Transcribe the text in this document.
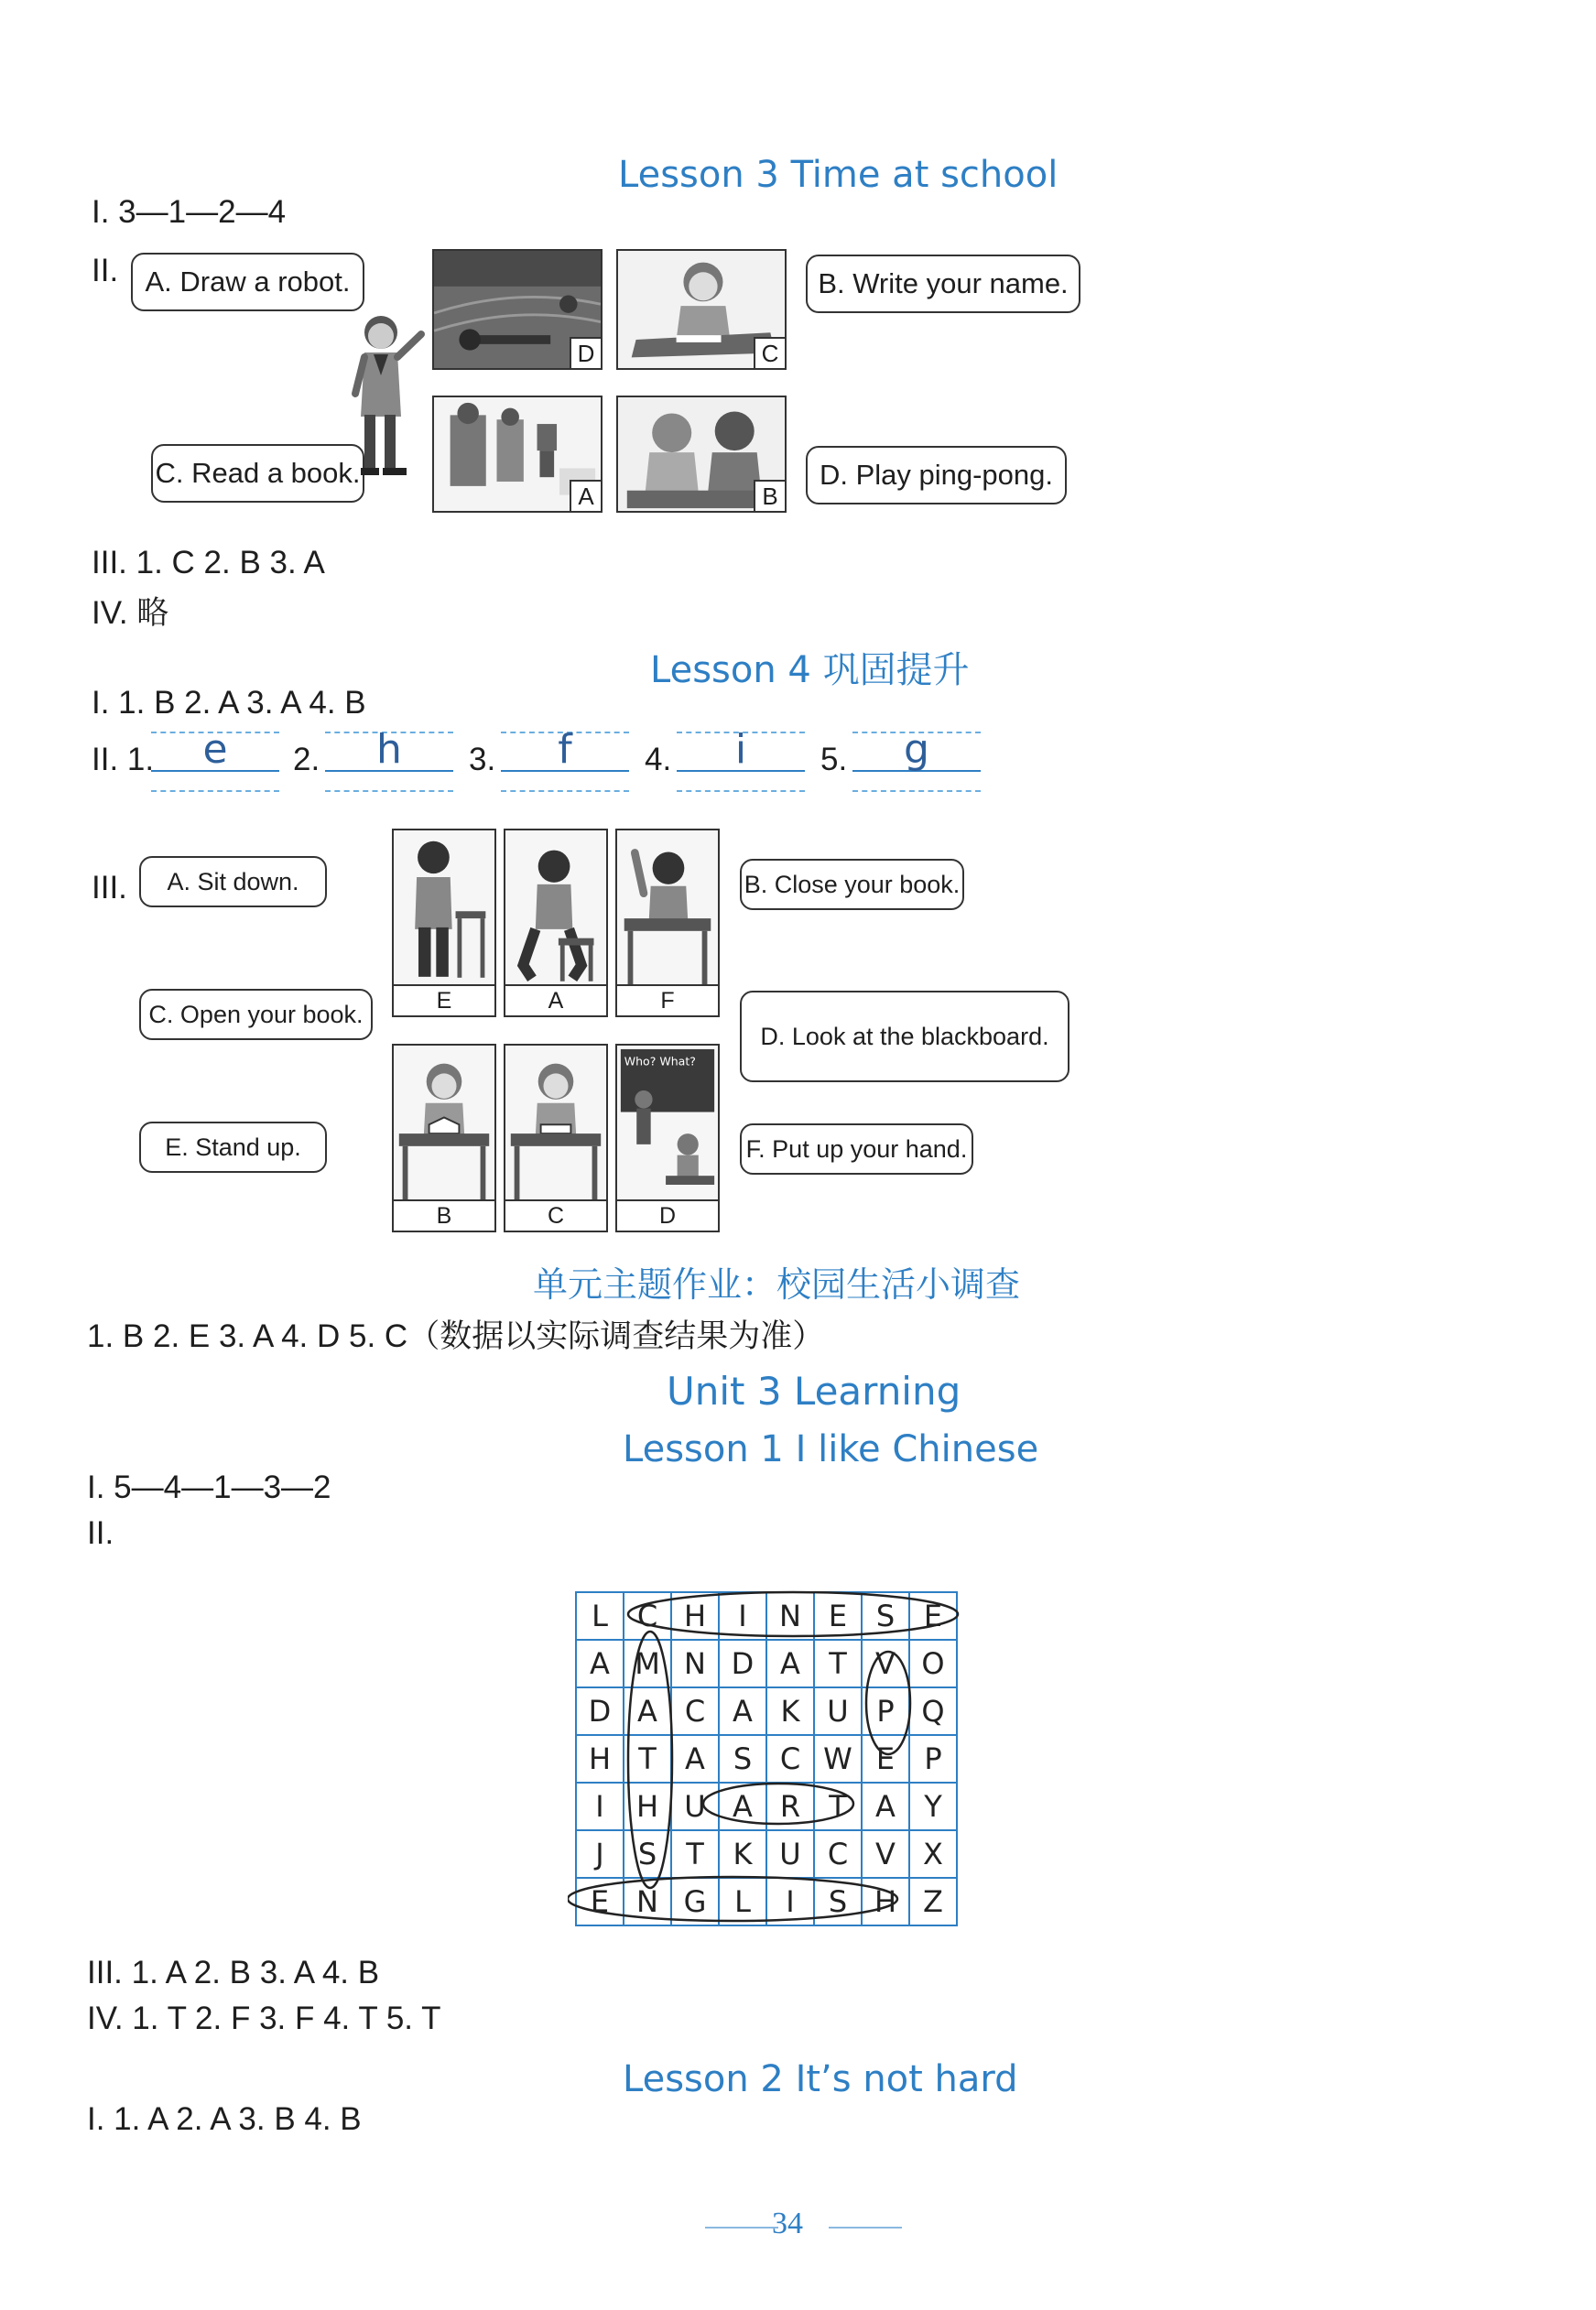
Lesson 3 Time at school
I. 3—1—2—4
II. A. Draw a robot.	B. Write your name.
C. Read a book.	D. Play ping-pong.
D	C
A	B
III. 1. C 2. B 3. A
IV. 略
Lesson 4 巩固提升
I. 1. B 2. A 3. A 4. B
II. 1.	e	2.	h	3.	f	4.	i	5.	g
III.	A. Sit down.	B. Close your book.
C. Open your book.
D. Look at the blackboard.
E. Stand up.	F. Put up your hand.
E	A	F
B	C
Who? What?
D
单元主题作业：校园生活小调查
1. B 2. E 3. A 4. D 5. C（数据以实际调查结果为准）
Unit 3 Learning
Lesson 1 I like Chinese
I. 5—4—1—3—2
II.
L	C	H	I	N	E	S	E
A	M	N	D	A	T	V	O
D	A	C	A	K	U	P	Q
H	T	A	S	C	W	E	P
I	H	U	A	R	T	A	Y
J	S	T	K	U	C	V	X
E	N	G	L	I	S	H	Z
III. 1. A 2. B 3. A 4. B
IV. 1. T 2. F 3. F 4. T 5. T
Lesson 2 It’s not hard
I. 1. A 2. A 3. B 4. B
34
